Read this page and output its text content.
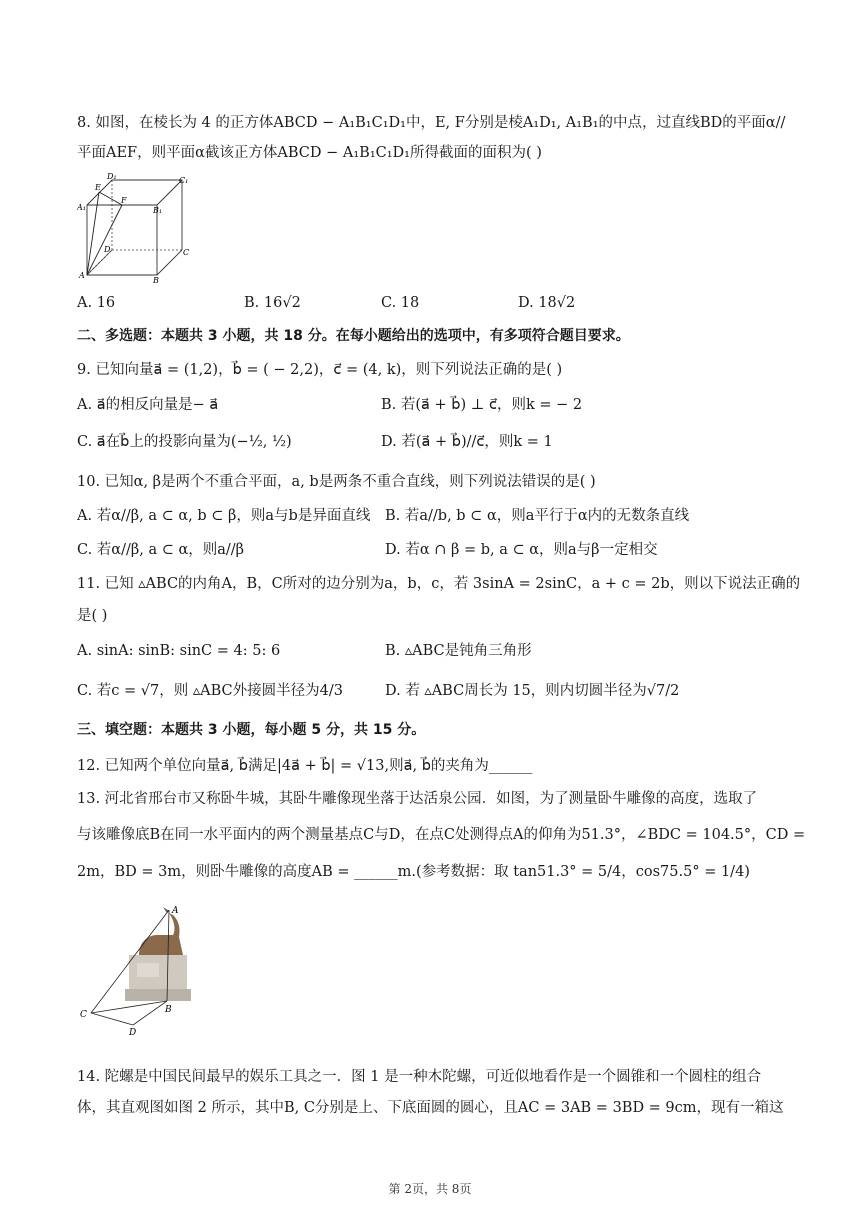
8. 如图，在棱长为 4 的正方体ABCD − A₁B₁C₁D₁中，E, F分别是棱A₁D₁, A₁B₁的中点，过直线BD的平面α//
平面AEF，则平面α截该正方体ABCD − A₁B₁C₁D₁所得截面的面积为( )
D₁	C₁
E
F
A₁	B₁
D	C
A
B
A. 16	B. 16√2	C. 18	D. 18√2
二、多选题：本题共 3 小题，共 18 分。在每小题给出的选项中，有多项符合题目要求。
9. 已知向量a⃗ = (1,2)，b⃗ = ( − 2,2)，c⃗ = (4, k)，则下列说法正确的是( )
A. a⃗的相反向量是− a⃗	B. 若(a⃗ + b⃗) ⊥ c⃗，则k = − 2
C. a⃗在b⃗上的投影向量为(−½, ½)	D. 若(a⃗ + b⃗)//c⃗，则k = 1
10. 已知α, β是两个不重合平面，a, b是两条不重合直线，则下列说法错误的是( )
A. 若α//β, a ⊂ α, b ⊂ β，则a与b是异面直线 B. 若a//b, b ⊂ α，则a平行于α内的无数条直线
C. 若α//β, a ⊂ α，则a//β	D. 若α ∩ β = b, a ⊂ α，则a与β一定相交
11. 已知 ▵ABC的内角A，B，C所对的边分别为a，b，c，若 3sinA = 2sinC，a + c = 2b，则以下说法正确的
是( )
A. sinA: sinB: sinC = 4: 5: 6	B. ▵ABC是钝角三角形
C. 若c = √7，则 ▵ABC外接圆半径为4/3	D. 若 ▵ABC周长为 15，则内切圆半径为√7/2
三、填空题：本题共 3 小题，每小题 5 分，共 15 分。
12. 已知两个单位向量a⃗, b⃗满足|4a⃗ + b⃗| = √13,则a⃗, b⃗的夹角为______
13. 河北省邢台市又称卧牛城，其卧牛雕像现坐落于达活泉公园．如图，为了测量卧牛雕像的高度，选取了
与该雕像底B在同一水平面内的两个测量基点C与D，在点C处测得点A的仰角为51.3°，∠BDC = 104.5°，CD =
2m，BD = 3m，则卧牛雕像的高度AB = ______m.(参考数据：取 tan51.3° = 5/4，cos75.5° = 1/4)
A
B
C
D
14. 陀螺是中国民间最早的娱乐工具之一．图 1 是一种木陀螺，可近似地看作是一个圆锥和一个圆柱的组合
体，其直观图如图 2 所示，其中B, C分别是上、下底面圆的圆心，且AC = 3AB = 3BD = 9cm，现有一箱这
第 2页，共 8页
